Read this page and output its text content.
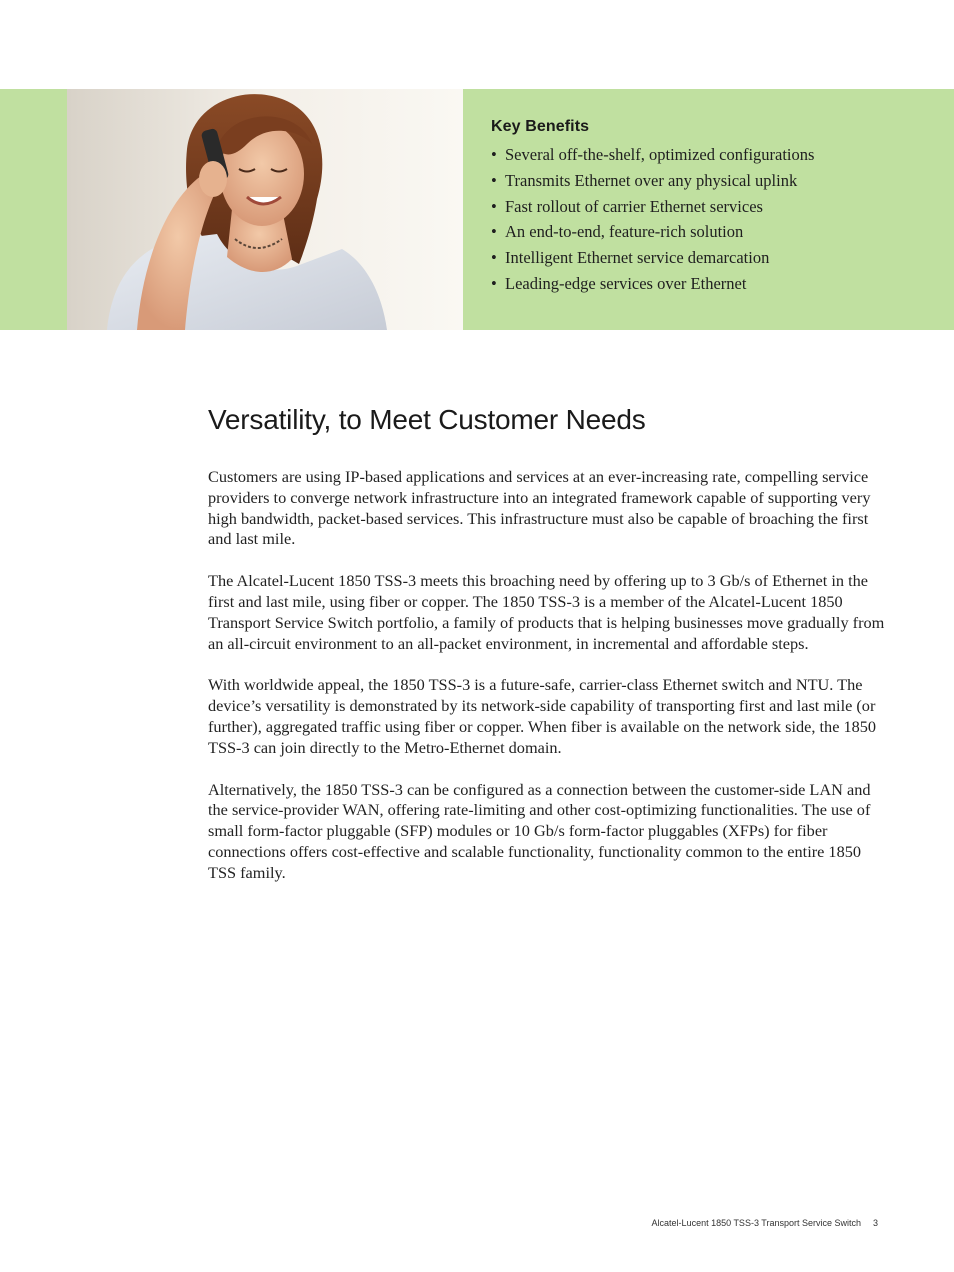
Key Benefits
• Several off-the-shelf, optimized configurations
• Transmits Ethernet over any physical uplink
• Fast rollout of carrier Ethernet services
• An end-to-end, feature-rich solution
• Intelligent Ethernet service demarcation
• Leading-edge services over Ethernet
Versatility, to Meet Customer Needs

Customers are using IP-based applications and services at an ever-increasing rate, compelling service providers to converge network infrastructure into an integrated framework capable of supporting very high bandwidth, packet-based services. This infrastructure must also be capable of broaching the first and last mile.

The Alcatel-Lucent 1850 TSS-3 meets this broaching need by offering up to 3 Gb/s of Ethernet in the first and last mile, using fiber or copper. The 1850 TSS-3 is a member of the Alcatel-Lucent 1850 Transport Service Switch portfolio, a family of products that is helping businesses move gradually from an all-circuit environment to an all-packet environment, in incremental and affordable steps.

With worldwide appeal, the 1850 TSS-3 is a future-safe, carrier-class Ethernet switch and NTU. The device’s versatility is demonstrated by its network-side capability of transporting first and last mile (or further), aggregated traffic using fiber or copper. When fiber is available on the network side, the 1850 TSS-3 can join directly to the Metro-Ethernet domain.

Alternatively, the 1850 TSS-3 can be configured as a connection between the customer-side LAN and the service-provider WAN, offering rate-limiting and other cost-optimizing functionalities. The use of small form-factor pluggable (SFP) modules or 10 Gb/s form-factor pluggables (XFPs) for fiber connections offers cost-effective and scalable functionality, functionality common to the entire 1850 TSS family.

Alcatel-Lucent 1850 TSS-3 Transport Service Switch 3
